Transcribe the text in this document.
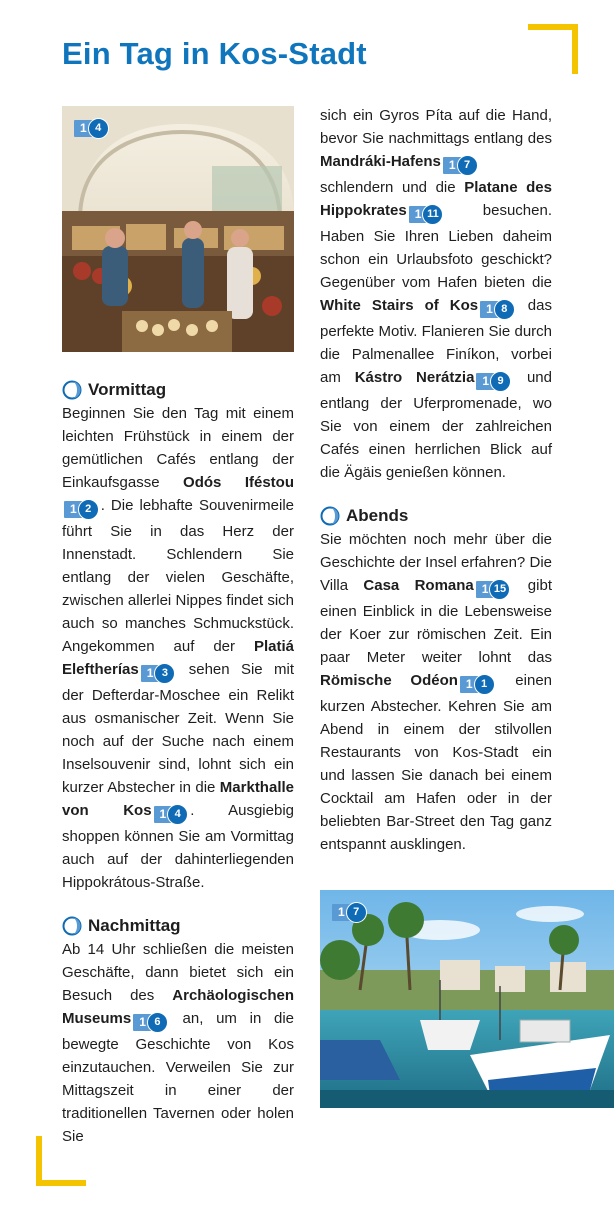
Ein Tag in Kos-Stadt
1 4
Vormittag

Beginnen Sie den Tag mit einem leichten Frühstück in einem der gemütlichen Cafés entlang der Einkaufsgasse Odós Iféstou
1 2 . Die lebhafte Souvenirmeile führt Sie in das Herz der Innenstadt. Schlendern Sie entlang der vielen Geschäfte, zwischen allerlei Nippes findet sich auch so manches Schmuckstück. Angekommen auf der Platiá Eleftherías 1 3 sehen Sie mit der Defterdar-Moschee ein Relikt aus osmanischer Zeit. Wenn Sie noch auf der Suche nach einem Inselsouvenir sind, lohnt sich ein kurzer Abstecher in die Markthalle von Kos 1 4 . Ausgiebig shoppen können Sie am Vormittag auch auf der dahinterliegenden Hippokrátous-Straße.

Nachmittag

Ab 14 Uhr schließen die meisten Geschäfte, dann bietet sich ein Besuch des Archäologischen Museums 1 6 an, um in die bewegte Geschichte von Kos einzutauchen. Verweilen Sie zur Mittagszeit in einer der traditionellen Tavernen oder holen Sie

sich ein Gyros Píta auf die Hand, bevor Sie nachmittags entlang des Mandráki-Hafens 1 7
schlendern und die Platane des Hippokrates 1 11 besuchen. Haben Sie Ihren Lieben daheim schon ein Urlaubsfoto geschickt? Gegenüber vom Hafen bieten die White Stairs of Kos 1 8 das perfekte Motiv. Flanieren Sie durch die Palmenallee Finíkon, vorbei am Kástro Nerátzia 1 9 und entlang der Uferpromenade, wo Sie von einem der zahlreichen Cafés einen herrlichen Blick auf die Ägäis genießen können.

Abends

Sie möchten noch mehr über die Geschichte der Insel erfahren? Die Villa Casa Romana 1 15 gibt einen Einblick in die Lebensweise der Koer zur römischen Zeit. Ein paar Meter weiter lohnt das Römische Odéon 1 1 einen kurzen Abstecher. Kehren Sie am Abend in einem der stilvollen Restaurants von Kos-Stadt ein und lassen Sie danach bei einem Cocktail am Hafen oder in der beliebten Bar-Street den Tag ganz entspannt ausklingen.

1 7
